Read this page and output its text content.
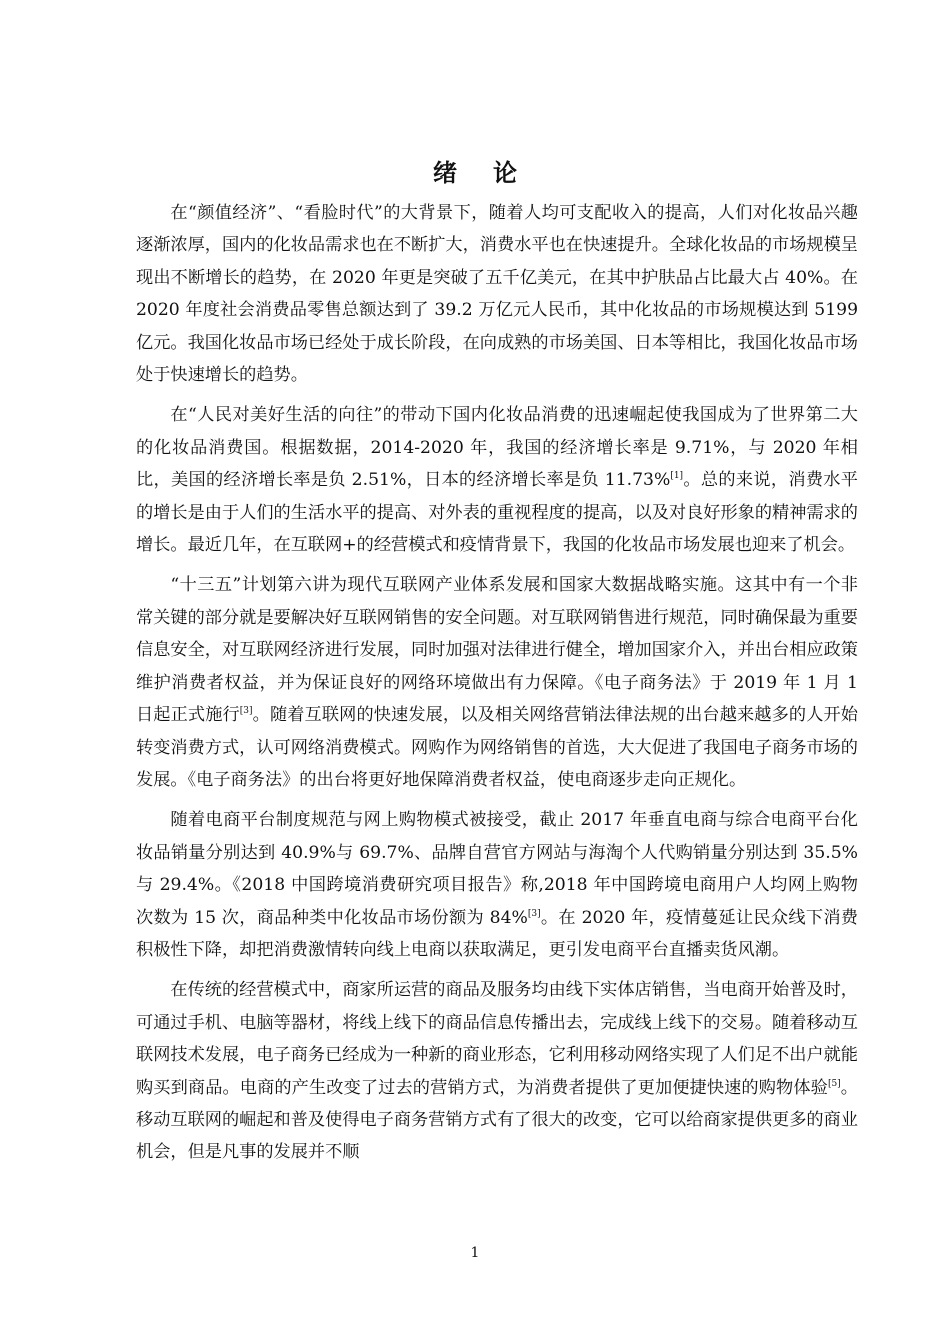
绪论

在“颜值经济”、“看脸时代”的大背景下，随着人均可支配收入的提高，人们对化妆品兴趣逐渐浓厚，国内的化妆品需求也在不断扩大，消费水平也在快速提升。全球化妆品的市场规模呈现出不断增长的趋势，在 2020 年更是突破了五千亿美元，在其中护肤品占比最大占 40%。在 2020 年度社会消费品零售总额达到了 39.2 万亿元人民币，其中化妆品的市场规模达到 5199 亿元。我国化妆品市场已经处于成长阶段，在向成熟的市场美国、日本等相比，我国化妆品市场处于快速增长的趋势。

在“人民对美好生活的向往”的带动下国内化妆品消费的迅速崛起使我国成为了世界第二大的化妆品消费国。根据数据，2014-2020 年，我国的经济增长率是 9.71%，与 2020 年相比，美国的经济增长率是负 2.51%，日本的经济增长率是负 11.73%[1]。总的来说，消费水平的增长是由于人们的生活水平的提高、对外表的重视程度的提高，以及对良好形象的精神需求的增长。最近几年，在互联网+的经营模式和疫情背景下，我国的化妆品市场发展也迎来了机会。

“十三五”计划第六讲为现代互联网产业体系发展和国家大数据战略实施。这其中有一个非常关键的部分就是要解决好互联网销售的安全问题。对互联网销售进行规范，同时确保最为重要信息安全，对互联网经济进行发展，同时加强对法律进行健全，增加国家介入，并出台相应政策维护消费者权益，并为保证良好的网络环境做出有力保障。《电子商务法》于 2019 年 1 月 1 日起正式施行[3]。随着互联网的快速发展，以及相关网络营销法律法规的出台越来越多的人开始转变消费方式，认可网络消费模式。网购作为网络销售的首选，大大促进了我国电子商务市场的发展。《电子商务法》的出台将更好地保障消费者权益，使电商逐步走向正规化。

随着电商平台制度规范与网上购物模式被接受，截止 2017 年垂直电商与综合电商平台化妆品销量分别达到 40.9%与 69.7%、品牌自营官方网站与海淘个人代购销量分别达到 35.5%与 29.4%。《2018 中国跨境消费研究项目报告》称,2018 年中国跨境电商用户人均网上购物次数为 15 次，商品种类中化妆品市场份额为 84%[3]。在 2020 年，疫情蔓延让民众线下消费积极性下降，却把消费激情转向线上电商以获取满足，更引发电商平台直播卖货风潮。

在传统的经营模式中，商家所运营的商品及服务均由线下实体店销售，当电商开始普及时，可通过手机、电脑等器材，将线上线下的商品信息传播出去，完成线上线下的交易。随着移动互联网技术发展，电子商务已经成为一种新的商业形态，它利用移动网络实现了人们足不出户就能购买到商品。电商的产生改变了过去的营销方式，为消费者提供了更加便捷快速的购物体验[5]。移动互联网的崛起和普及使得电子商务营销方式有了很大的改变，它可以给商家提供更多的商业机会，但是凡事的发展并不顺

1
